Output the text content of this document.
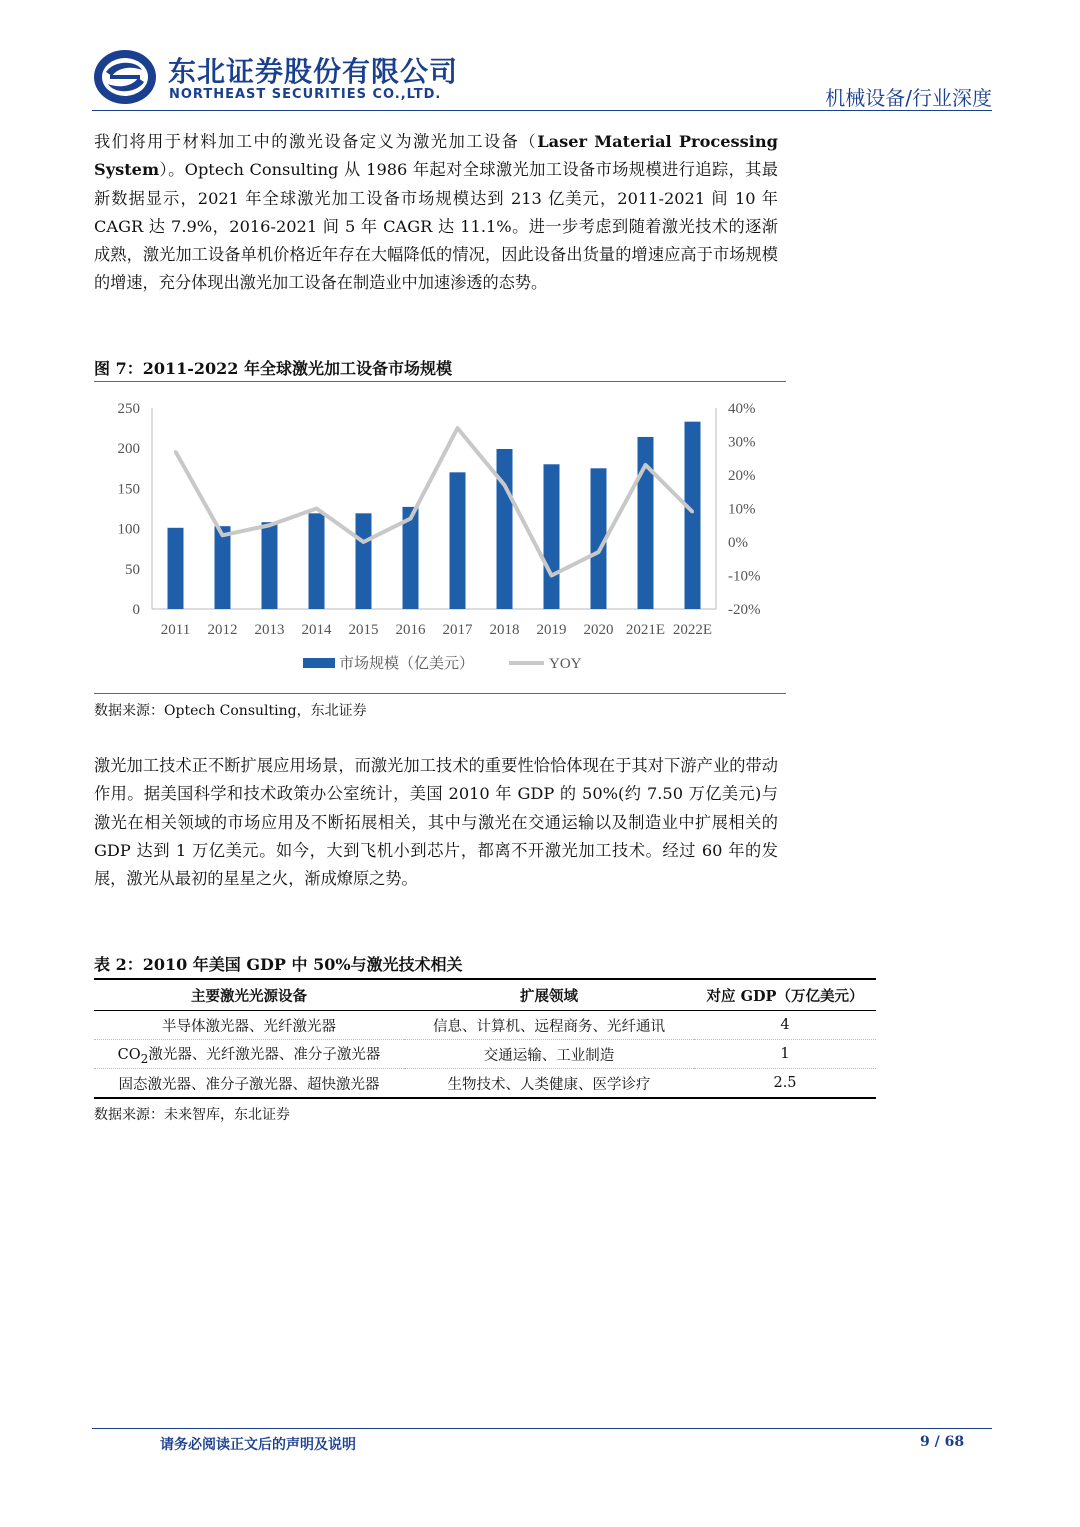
东北证券股份有限公司
NORTHEAST SECURITIES CO.,LTD.	机械设备/行业深度
我们将用于材料加工中的激光设备定义为激光加工设备（Laser Material Processing System）。Optech Consulting 从 1986 年起对全球激光加工设备市场规模进行追踪，其最新数据显示，2021 年全球激光加工设备市场规模达到 213 亿美元，2011-2021 间 10 年 CAGR 达 7.9%，2016-2021 间 5 年 CAGR 达 11.1%。进一步考虑到随着激光技术的逐渐成熟，激光加工设备单机价格近年存在大幅降低的情况，因此设备出货量的增速应高于市场规模的增速，充分体现出激光加工设备在制造业中加速渗透的态势。
图 7：2011-2022 年全球激光加工设备市场规模
0
50
100
150
200
250
-20%
-10%
0%
10%
20%
30%
40%
2011 2012 2013 2014 2015 2016 2017 2018 2019 2020 2021E 2022E
市场规模（亿美元）	YOY
数据来源：Optech Consulting，东北证券
激光加工技术正不断扩展应用场景，而激光加工技术的重要性恰恰体现在于其对下游产业的带动作用。据美国科学和技术政策办公室统计，美国 2010 年 GDP 的 50%(约 7.50 万亿美元)与激光在相关领域的市场应用及不断拓展相关，其中与激光在交通运输以及制造业中扩展相关的 GDP 达到 1 万亿美元。如今，大到飞机小到芯片，都离不开激光加工技术。经过 60 年的发展，激光从最初的星星之火，渐成燎原之势。
表 2：2010 年美国 GDP 中 50%与激光技术相关
主要激光光源设备	扩展领域	对应 GDP（万亿美元）
半导体激光器、光纤激光器	信息、计算机、远程商务、光纤通讯	4
$CO_2$激光器、光纤激光器、准分子激光器	交通运输、工业制造	1
固态激光器、准分子激光器、超快激光器	生物技术、人类健康、医学诊疗	2.5
数据来源：未来智库，东北证券
请务必阅读正文后的声明及说明	9 / 68
